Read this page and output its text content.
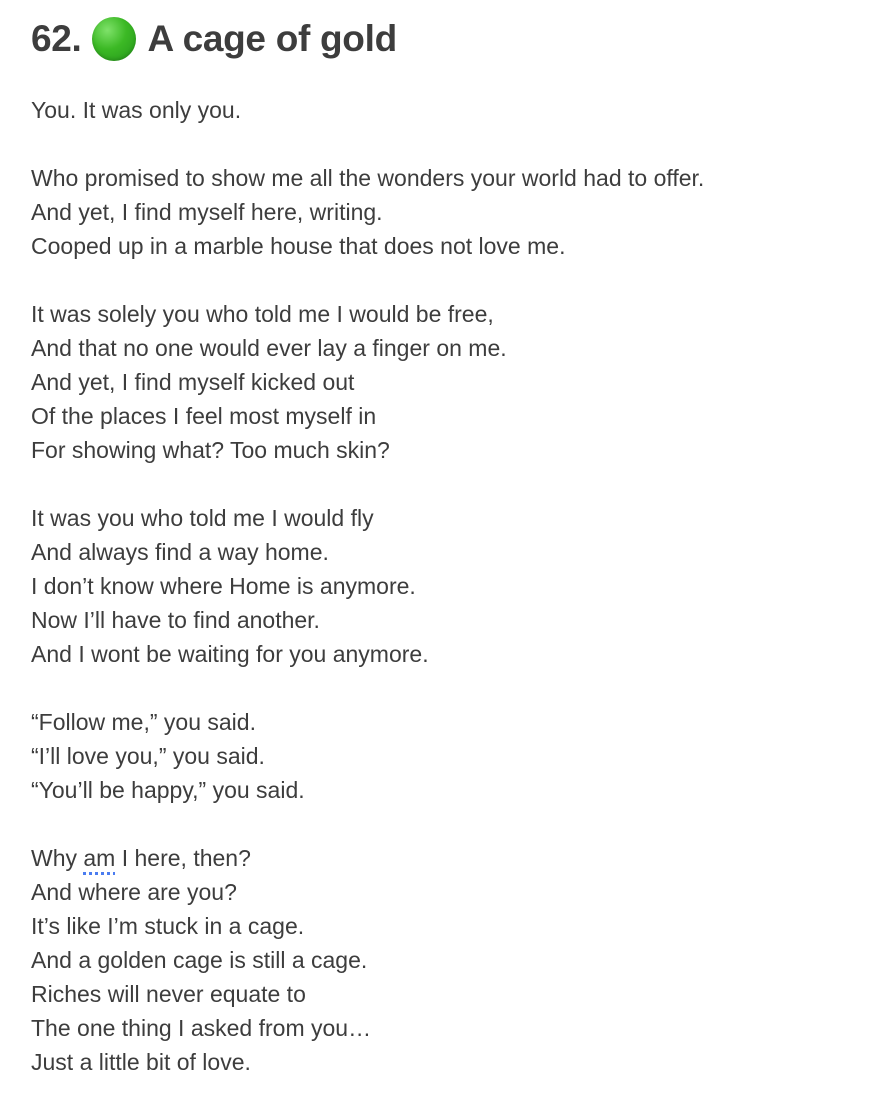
62. A cage of gold
You. It was only you.
Who promised to show me all the wonders your world had to offer.
And yet, I find myself here, writing.
Cooped up in a marble house that does not love me.
It was solely you who told me I would be free,
And that no one would ever lay a finger on me.
And yet, I find myself kicked out
Of the places I feel most myself in
For showing what? Too much skin?
It was you who told me I would fly
And always find a way home.
I don’t know where Home is anymore.
Now I’ll have to find another.
And I wont be waiting for you anymore.
“Follow me,” you said.
“I’ll love you,” you said.
“You’ll be happy,” you said.
Why am I here, then?
And where are you?
It’s like I’m stuck in a cage.
And a golden cage is still a cage.
Riches will never equate to
The one thing I asked from you…
Just a little bit of love.
